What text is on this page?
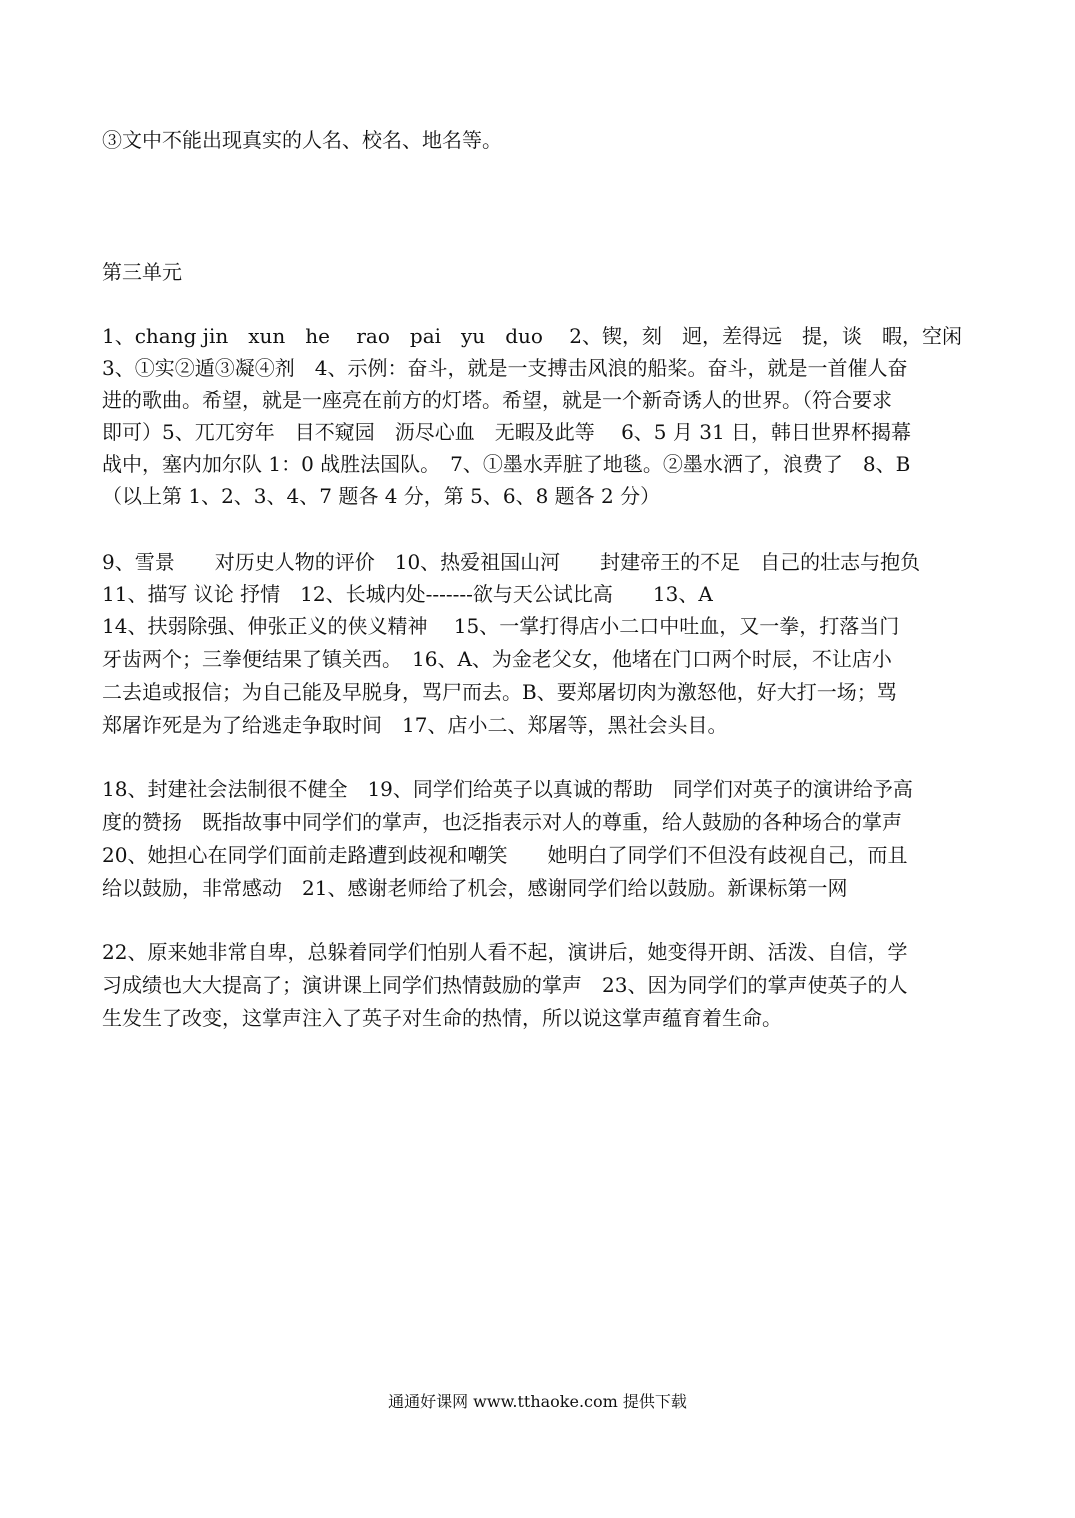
③文中不能出现真实的人名、校名、地名等。
第三单元
1、chang jin　xun　he　 rao　pai　yu　duo　 2、锲，刻　迥，差得远　提，谈　暇，空闲
3、①实②遁③凝④剂　4、示例：奋斗，就是一支搏击风浪的船桨。奋斗，就是一首催人奋
进的歌曲。希望，就是一座亮在前方的灯塔。希望，就是一个新奇诱人的世界。（符合要求
即可）5、兀兀穷年　目不窥园　沥尽心血　无暇及此等　 6、5 月 31 日，韩日世界杯揭幕
战中，塞内加尔队 1：0 战胜法国队。　7、①墨水弄脏了地毯。②墨水洒了，浪费了　8、B
（以上第 1、2、3、4、7 题各 4 分，第 5、6、8 题各 2 分）
9、雪景　　对历史人物的评价　10、热爱祖国山河　　封建帝王的不足　自己的壮志与抱负
11、描写 议论 抒情　12、长城内处-------欲与天公试比高　　13、A
14、扶弱除强、伸张正义的侠义精神　 15、一掌打得店小二口中吐血，又一拳，打落当门
牙齿两个；三拳便结果了镇关西。　16、A、为金老父女，他堵在门口两个时辰，不让店小
二去追或报信；为自己能及早脱身，骂尸而去。B、要郑屠切肉为激怒他，好大打一场；骂
郑屠诈死是为了给逃走争取时间　17、店小二、郑屠等，黑社会头目。
18、封建社会法制很不健全　19、同学们给英子以真诚的帮助　同学们对英子的演讲给予高
度的赞扬　既指故事中同学们的掌声，也泛指表示对人的尊重，给人鼓励的各种场合的掌声
20、她担心在同学们面前走路遭到歧视和嘲笑　　她明白了同学们不但没有歧视自己，而且
给以鼓励，非常感动　21、感谢老师给了机会，感谢同学们给以鼓励。新课标第一网
22、原来她非常自卑，总躲着同学们怕别人看不起，演讲后，她变得开朗、活泼、自信，学
习成绩也大大提高了；演讲课上同学们热情鼓励的掌声　23、因为同学们的掌声使英子的人
生发生了改变，这掌声注入了英子对生命的热情，所以说这掌声蕴育着生命。
通通好课网 www.tthaoke.com 提供下载
